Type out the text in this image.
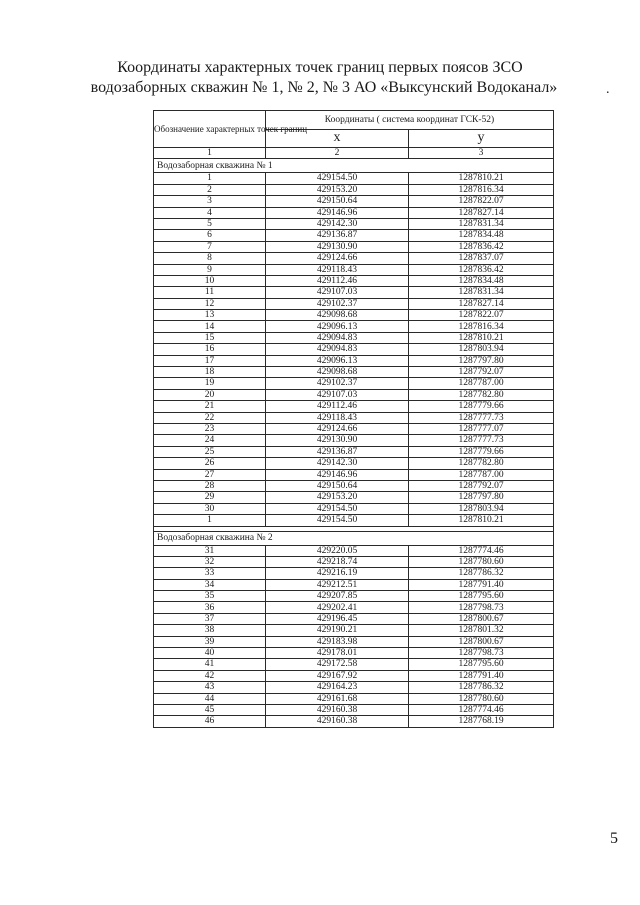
Координаты характерных точек границ первых поясов ЗСО
водозаборных скважин № 1, № 2, № 3 АО «Выксунский Водоканал»	.
Обозначение характерных точек границ	Координаты ( система координат ГСК-52)	
	x	y
1	2	3
Водозаборная скважина № 1		
1	429154.50	1287810.21
2	429153.20	1287816.34
3	429150.64	1287822.07
4	429146.96	1287827.14
5	429142.30	1287831.34
6	429136.87	1287834.48
7	429130.90	1287836.42
8	429124.66	1287837.07
9	429118.43	1287836.42
10	429112.46	1287834.48
11	429107.03	1287831.34
12	429102.37	1287827.14
13	429098.68	1287822.07
14	429096.13	1287816.34
15	429094.83	1287810.21
16	429094.83	1287803.94
17	429096.13	1287797.80
18	429098.68	1287792.07
19	429102.37	1287787.00
20	429107.03	1287782.80
21	429112.46	1287779.66
22	429118.43	1287777.73
23	429124.66	1287777.07
24	429130.90	1287777.73
25	429136.87	1287779.66
26	429142.30	1287782.80
27	429146.96	1287787.00
28	429150.64	1287792.07
29	429153.20	1287797.80
30	429154.50	1287803.94
1	429154.50	1287810.21

Водозаборная скважина № 2		
31	429220.05	1287774.46
32	429218.74	1287780.60
33	429216.19	1287786.32
34	429212.51	1287791.40
35	429207.85	1287795.60
36	429202.41	1287798.73
37	429196.45	1287800.67
38	429190.21	1287801.32
39	429183.98	1287800.67
40	429178.01	1287798.73
41	429172.58	1287795.60
42	429167.92	1287791.40
43	429164.23	1287786.32
44	429161.68	1287780.60
45	429160.38	1287774.46
46	429160.38	1287768.19
5
